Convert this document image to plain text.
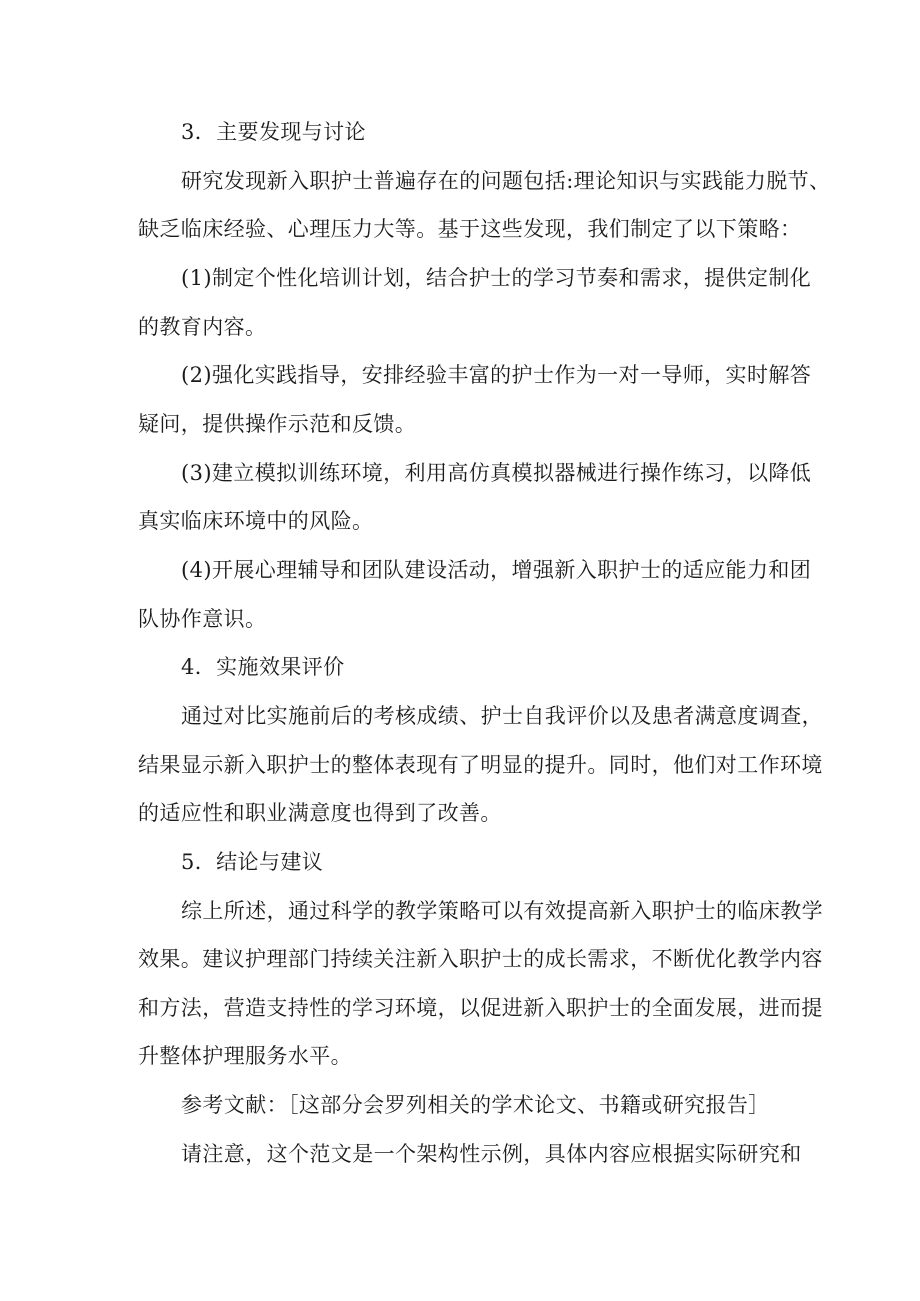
3．主要发现与讨论
研究发现新入职护士普遍存在的问题包括:理论知识与实践能力脱节、
缺乏临床经验、心理压力大等。基于这些发现，我们制定了以下策略：
(1)制定个性化培训计划，结合护士的学习节奏和需求，提供定制化
的教育内容。
(2)强化实践指导，安排经验丰富的护士作为一对一导师，实时解答
疑问，提供操作示范和反馈。
(3)建立模拟训练环境，利用高仿真模拟器械进行操作练习，以降低
真实临床环境中的风险。
(4)开展心理辅导和团队建设活动，增强新入职护士的适应能力和团
队协作意识。
4．实施效果评价
通过对比实施前后的考核成绩、护士自我评价以及患者满意度调查，
结果显示新入职护士的整体表现有了明显的提升。同时，他们对工作环境
的适应性和职业满意度也得到了改善。
5．结论与建议
综上所述，通过科学的教学策略可以有效提高新入职护士的临床教学
效果。建议护理部门持续关注新入职护士的成长需求，不断优化教学内容
和方法，营造支持性的学习环境，以促进新入职护士的全面发展，进而提
升整体护理服务水平。
参考文献：［这部分会罗列相关的学术论文、书籍或研究报告］
请注意，这个范文是一个架构性示例，具体内容应根据实际研究和
